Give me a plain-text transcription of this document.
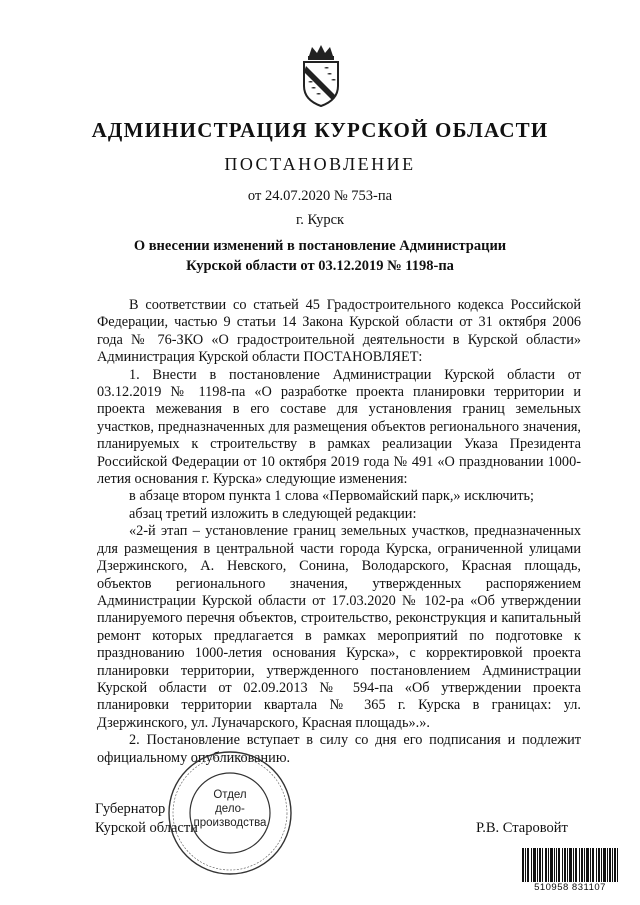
АДМИНИСТРАЦИЯ КУРСКОЙ ОБЛАСТИ
ПОСТАНОВЛЕНИЕ
от 24.07.2020 № 753-па
г. Курск
О внесении изменений в постановление Администрации
Курской области от 03.12.2019 № 1198-па

В соответствии со статьей 45 Градостроительного кодекса Российской Федерации, частью 9 статьи 14 Закона Курской области от 31 октября 2006 года № 76-ЗКО «О градостроительной деятельности в Курской области» Администрация Курской области ПОСТАНОВЛЯЕТ:

1. Внести в постановление Администрации Курской области от 03.12.2019 № 1198-па «О разработке проекта планировки территории и проекта межевания в его составе для установления границ земельных участков, предназначенных для размещения объектов регионального значения, планируемых к строительству в рамках реализации Указа Президента Российской Федерации от 10 октября 2019 года № 491 «О праздновании 1000-летия основания г. Курска» следующие изменения:

в абзаце втором пункта 1 слова «Первомайский парк,» исключить;

абзац третий изложить в следующей редакции:

«2-й этап – установление границ земельных участков, предназначенных для размещения в центральной части города Курска, ограниченной улицами Дзержинского, А. Невского, Сонина, Володарского, Красная площадь, объектов регионального значения, утвержденных распоряжением Администрации Курской области от 17.03.2020 № 102-ра «Об утверждении планируемого перечня объектов, строительство, реконструкция и капитальный ремонт которых предлагается в рамках мероприятий по подготовке к празднованию 1000-летия основания Курска», с корректировкой проекта планировки территории, утвержденного постановлением Администрации Курской области от 02.09.2013 № 594-па «Об утверждении проекта планировки территории квартала № 365 г. Курска в границах: ул. Дзержинского, ул. Луначарского, Красная площадь».».

2. Постановление вступает в силу со дня его подписания и подлежит официальному опубликованию.

Губернатор
Курской области
Отдел
дело-
производства	Р.В. Старовойт
510958 831107
